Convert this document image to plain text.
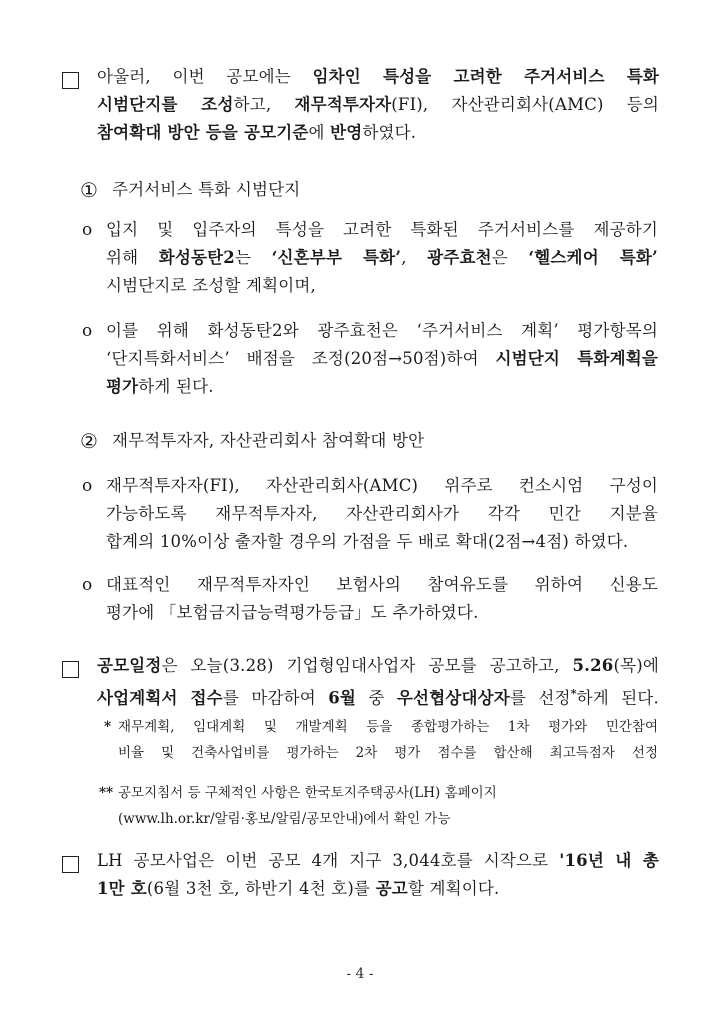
아울러, 이번 공모에는 임차인 특성을 고려한 주거서비스 특화
시범단지를 조성하고, 재무적투자자(FI), 자산관리회사(AMC) 등의
참여확대 방안 등을 공모기준에 반영하였다.
① 주거서비스 특화 시범단지
o 입지 및 입주자의 특성을 고려한 특화된 주거서비스를 제공하기
위해 화성동탄2는 ‘신혼부부 특화’, 광주효천은 ‘헬스케어 특화’
시범단지로 조성할 계획이며,
o 이를 위해 화성동탄2와 광주효천은 ‘주거서비스 계획’ 평가항목의
‘단지특화서비스’ 배점을 조정(20점→50점)하여 시범단지 특화계획을
평가하게 된다.
② 재무적투자자, 자산관리회사 참여확대 방안
o 재무적투자자(FI), 자산관리회사(AMC) 위주로 컨소시엄 구성이
가능하도록 재무적투자자, 자산관리회사가 각각 민간 지분율
합계의 10%이상 출자할 경우의 가점을 두 배로 확대(2점→4점) 하였다.
o 대표적인 재무적투자자인 보험사의 참여유도를 위하여 신용도
평가에 「보험금지급능력평가등급」도 추가하였다.
공모일정은 오늘(3.28) 기업형임대사업자 공모를 공고하고, 5.26(목)에
사업계획서 접수를 마감하여 6월 중 우선협상대상자를 선정*하게 된다.
* 재무계획, 임대계획 및 개발계획 등을 종합평가하는 1차 평가와 민간참여
비율 및 건축사업비를 평가하는 2차 평가 점수를 합산해 최고득점자 선정
** 공모지침서 등 구체적인 사항은 한국토지주택공사(LH) 홈페이지
(www.lh.or.kr/알림·홍보/알림/공모안내)에서 확인 가능
LH 공모사업은 이번 공모 4개 지구 3,044호를 시작으로 '16년 내 총
1만 호(6월 3천 호, 하반기 4천 호)를 공고할 계획이다.
- 4 -
